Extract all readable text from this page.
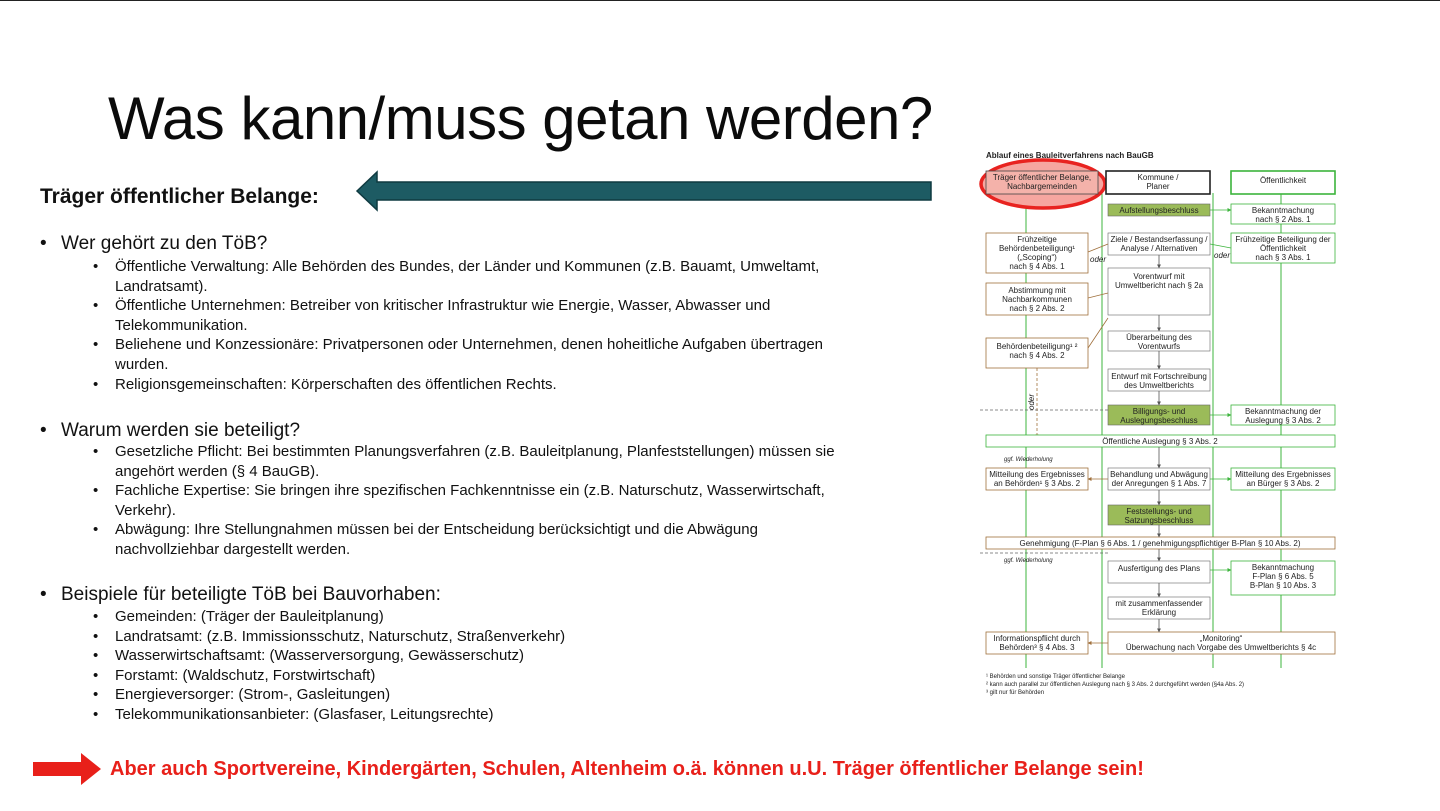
Was kann/muss getan werden?
Träger öffentlicher Belange:
• Wer gehört zu den TöB?
• Öffentliche Verwaltung: Alle Behörden des Bundes, der Länder und Kommunen (z.B. Bauamt, Umweltamt,
Landratsamt).
• Öffentliche Unternehmen: Betreiber von kritischer Infrastruktur wie Energie, Wasser, Abwasser und
Telekommunikation.
• Beliehene und Konzessionäre: Privatpersonen oder Unternehmen, denen hoheitliche Aufgaben übertragen
wurden.
• Religionsgemeinschaften: Körperschaften des öffentlichen Rechts.
• Warum werden sie beteiligt?
• Gesetzliche Pflicht: Bei bestimmten Planungsverfahren (z.B. Bauleitplanung, Planfeststellungen) müssen sie
angehört werden (§ 4 BauGB).
• Fachliche Expertise: Sie bringen ihre spezifischen Fachkenntnisse ein (z.B. Naturschutz, Wasserwirtschaft,
Verkehr).
• Abwägung: Ihre Stellungnahmen müssen bei der Entscheidung berücksichtigt und die Abwägung
nachvollziehbar dargestellt werden.
• Beispiele für beteiligte TöB bei Bauvorhaben:
• Gemeinden: (Träger der Bauleitplanung)
• Landratsamt: (z.B. Immissionsschutz, Naturschutz, Straßenverkehr)
• Wasserwirtschaftsamt: (Wasserversorgung, Gewässerschutz)
• Forstamt: (Waldschutz, Forstwirtschaft)
• Energieversorger: (Strom-, Gasleitungen)
• Telekommunikationsanbieter: (Glasfaser, Leitungsrechte)
Aber auch Sportvereine, Kindergärten, Schulen, Altenheim o.ä. können u.U. Träger öffentlicher Belange sein!
Ablauf eines Bauleitverfahrens nach BauGB
Träger öffentlicher Belange,
Nachbargemeinden
Kommune /
Planer
Öffentlichkeit
Aufstellungsbeschluss	Bekanntmachung
nach § 2 Abs. 1
Frühzeitige
Behördenbeteiligung¹
(„Scoping“)
nach § 4 Abs. 1
Ziele / Bestandserfassung /
Analyse / Alternativen
Frühzeitige Beteiligung der
Öffentlichkeit
nach § 3 Abs. 1
oder	oder
Vorentwurf mit
Umweltbericht nach § 2a
Abstimmung mit
Nachbarkommunen
nach § 2 Abs. 2
Überarbeitung des
Vorentwurfs
Behördenbeteiligung¹ ²
nach § 4 Abs. 2
Entwurf mit Fortschreibung
des Umweltberichts
oder
Billigungs- und
Auslegungsbeschluss
Bekanntmachung der
Auslegung § 3 Abs. 2
Öffentliche Auslegung § 3 Abs. 2
ggf. Wiederholung
Mitteilung des Ergebnisses
an Behörden¹ § 3 Abs. 2
Behandlung und Abwägung
der Anregungen § 1 Abs. 7
Mitteilung des Ergebnisses
an Bürger § 3 Abs. 2
Feststellungs- und
Satzungsbeschluss
Genehmigung (F-Plan § 6 Abs. 1 / genehmigungspflichtiger B-Plan § 10 Abs. 2)
ggf. Wiederholung
Ausfertigung des Plans	Bekanntmachung
F-Plan § 6 Abs. 5
B-Plan § 10 Abs. 3
mit zusammenfassender
Erklärung
Informationspflicht durch
Behörden³ § 4 Abs. 3
„Monitoring“
Überwachung nach Vorgabe des Umweltberichts § 4c
¹ Behörden und sonstige Träger öffentlicher Belange
² kann auch parallel zur öffentlichen Auslegung nach § 3 Abs. 2 durchgeführt werden (§4a Abs. 2)
³ gilt nur für Behörden
